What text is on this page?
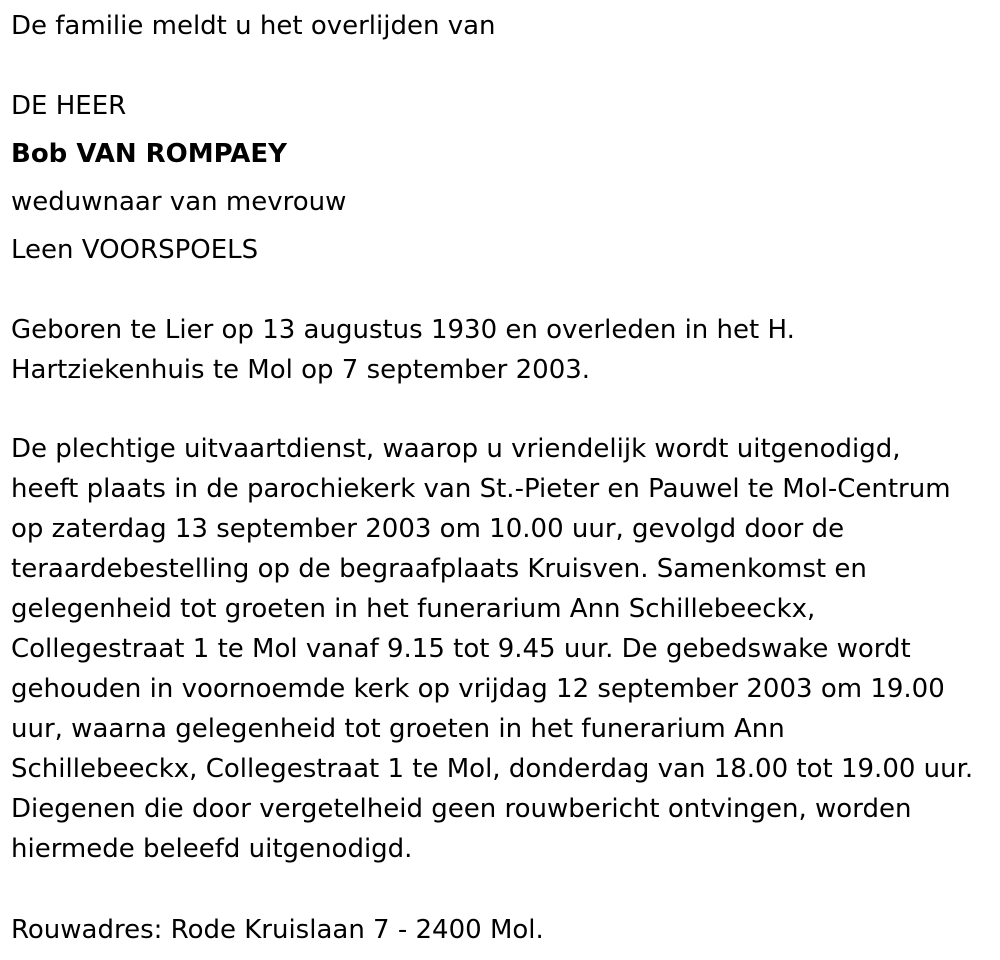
De familie meldt u het overlijden van
DE HEER
Bob VAN ROMPAEY
weduwnaar van mevrouw
Leen VOORSPOELS
Geboren te Lier op 13 augustus 1930 en overleden in het H.
Hartziekenhuis te Mol op 7 september 2003.
De plechtige uitvaartdienst, waarop u vriendelijk wordt uitgenodigd,
heeft plaats in de parochiekerk van St.-Pieter en Pauwel te Mol-Centrum
op zaterdag 13 september 2003 om 10.00 uur, gevolgd door de
teraardebestelling op de begraafplaats Kruisven. Samenkomst en
gelegenheid tot groeten in het funerarium Ann Schillebeeckx,
Collegestraat 1 te Mol vanaf 9.15 tot 9.45 uur. De gebedswake wordt
gehouden in voornoemde kerk op vrijdag 12 september 2003 om 19.00
uur, waarna gelegenheid tot groeten in het funerarium Ann
Schillebeeckx, Collegestraat 1 te Mol, donderdag van 18.00 tot 19.00 uur.
Diegenen die door vergetelheid geen rouwbericht ontvingen, worden
hiermede beleefd uitgenodigd.
Rouwadres: Rode Kruislaan 7 - 2400 Mol.
